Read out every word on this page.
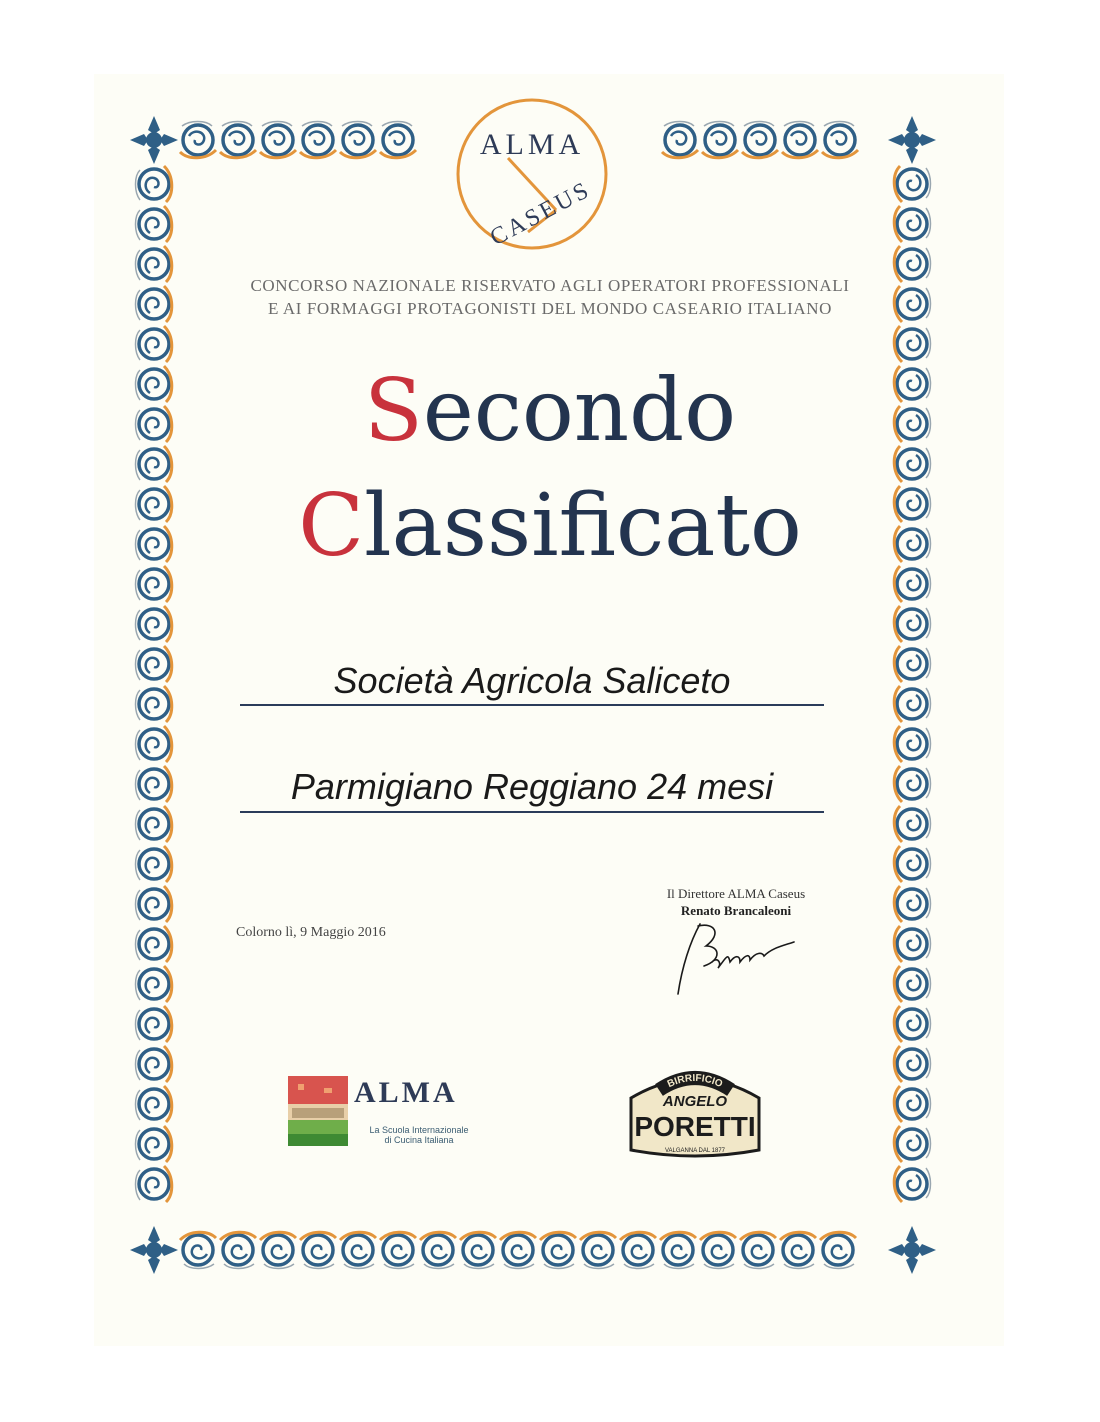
ALMA
CASEUS
CONCORSO NAZIONALE RISERVATO AGLI OPERATORI PROFESSIONALI
E AI FORMAGGI PROTAGONISTI DEL MONDO CASEARIO ITALIANO
Secondo
Classificato
Società Agricola Saliceto
Parmigiano Reggiano 24 mesi
Colorno lì, 9 Maggio 2016
Il Direttore ALMA Caseus
Renato Brancaleoni
ALMA
La Scuola Internazionale
di Cucina Italiana
BIRRIFICIO
ANGELO
PORETTI
VALGANNA DAL 1877
